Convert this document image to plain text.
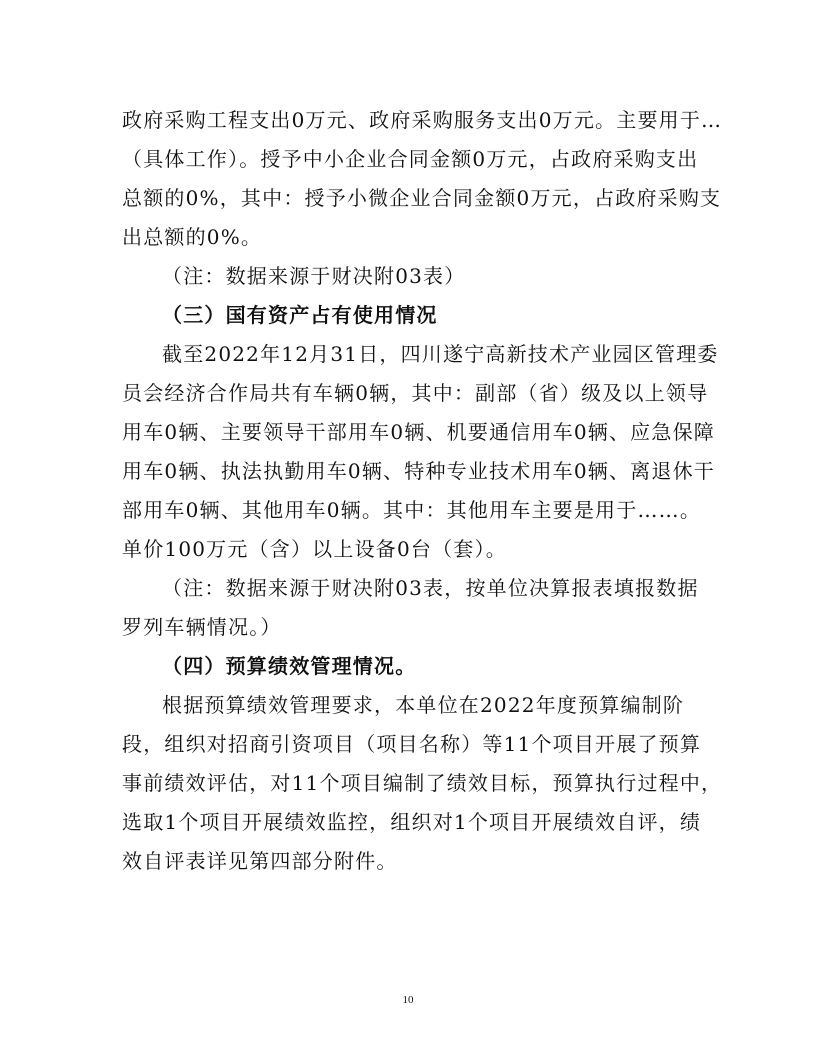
政府采购工程支出0万元、政府采购服务支出0万元。主要用于…
（具体工作）。授予中小企业合同金额0万元，占政府采购支出
总额的0%，其中：授予小微企业合同金额0万元，占政府采购支
出总额的0%。
（注：数据来源于财决附03表）
（三）国有资产占有使用情况
截至2022年12月31日，四川遂宁高新技术产业园区管理委
员会经济合作局共有车辆0辆，其中：副部（省）级及以上领导
用车0辆、主要领导干部用车0辆、机要通信用车0辆、应急保障
用车0辆、执法执勤用车0辆、特种专业技术用车0辆、离退休干
部用车0辆、其他用车0辆。其中：其他用车主要是用于……。
单价100万元（含）以上设备0台（套）。
（注：数据来源于财决附03表，按单位决算报表填报数据
罗列车辆情况。）
（四）预算绩效管理情况。
根据预算绩效管理要求，本单位在2022年度预算编制阶
段，组织对招商引资项目（项目名称）等11个项目开展了预算
事前绩效评估，对11个项目编制了绩效目标，预算执行过程中，
选取1个项目开展绩效监控，组织对1个项目开展绩效自评，绩
效自评表详见第四部分附件。
10
